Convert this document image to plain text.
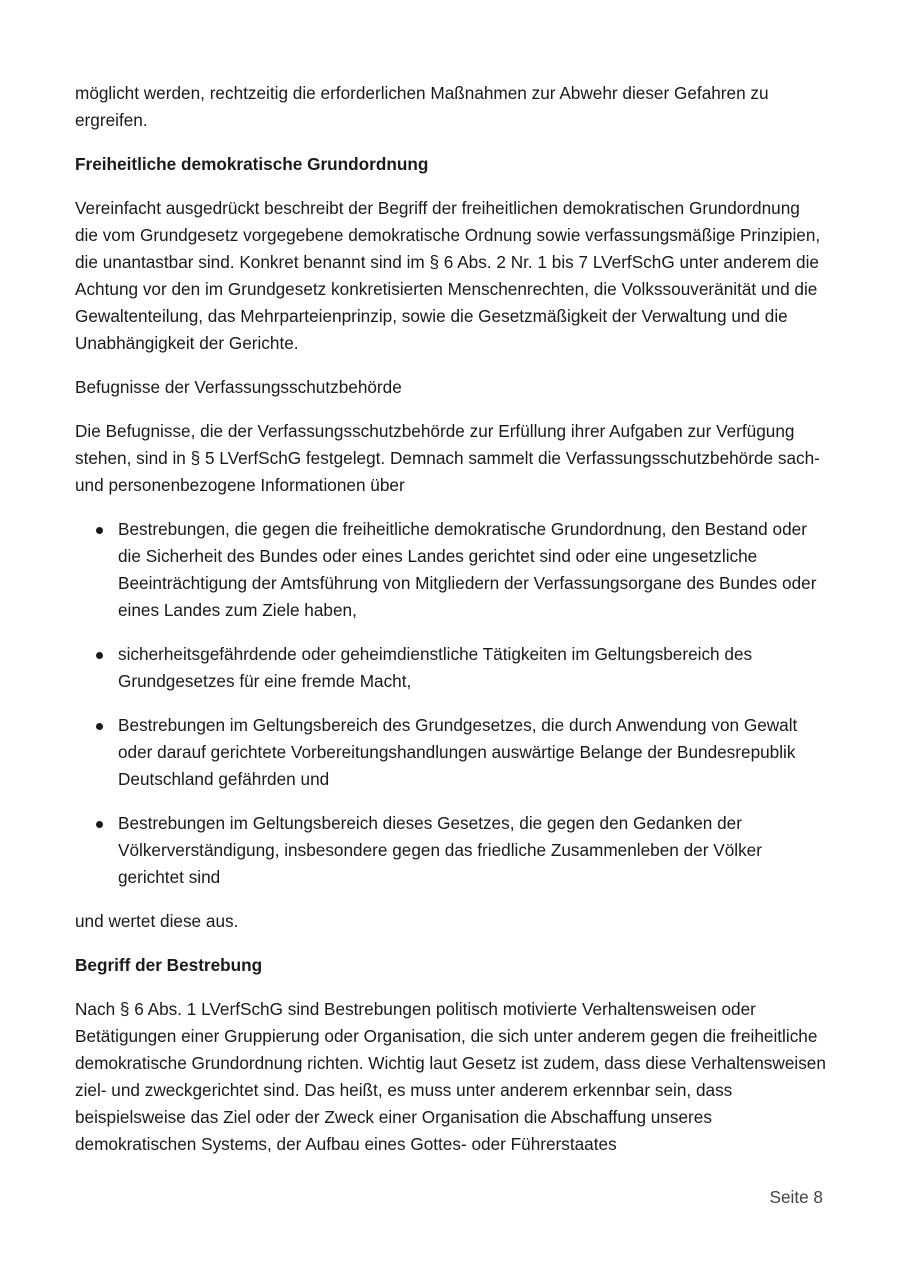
möglicht werden, rechtzeitig die erforderlichen Maßnahmen zur Abwehr dieser Gefahren zu ergreifen.

Freiheitliche demokratische Grundordnung

Vereinfacht ausgedrückt beschreibt der Begriff der freiheitlichen demokratischen Grundordnung die vom Grundgesetz vorgegebene demokratische Ordnung sowie verfassungsmäßige Prinzipien, die unantastbar sind. Konkret benannt sind im § 6 Abs. 2 Nr. 1 bis 7 LVerfSchG unter anderem die Achtung vor den im Grundgesetz konkretisierten Menschenrechten, die Volkssouveränität und die Gewaltenteilung, das Mehrparteienprinzip, sowie die Gesetzmäßigkeit der Verwaltung und die Unabhängigkeit der Gerichte.

Befugnisse der Verfassungsschutzbehörde

Die Befugnisse, die der Verfassungsschutzbehörde zur Erfüllung ihrer Aufgaben zur Verfügung stehen, sind in § 5 LVerfSchG festgelegt. Demnach sammelt die Verfassungsschutzbehörde sach- und personenbezogene Informationen über

Bestrebungen, die gegen die freiheitliche demokratische Grundordnung, den Bestand oder die Sicherheit des Bundes oder eines Landes gerichtet sind oder eine ungesetzliche Beeinträchtigung der Amtsführung von Mitgliedern der Verfassungsorgane des Bundes oder eines Landes zum Ziele haben,
sicherheitsgefährdende oder geheimdienstliche Tätigkeiten im Geltungsbereich des Grundgesetzes für eine fremde Macht,
Bestrebungen im Geltungsbereich des Grundgesetzes, die durch Anwendung von Gewalt oder darauf gerichtete Vorbereitungshandlungen auswärtige Belange der Bundesrepublik Deutschland gefährden und
Bestrebungen im Geltungsbereich dieses Gesetzes, die gegen den Gedanken der Völkerverständigung, insbesondere gegen das friedliche Zusammenleben der Völker gerichtet sind

und wertet diese aus.

Begriff der Bestrebung

Nach § 6 Abs. 1 LVerfSchG sind Bestrebungen politisch motivierte Verhaltensweisen oder Betätigungen einer Gruppierung oder Organisation, die sich unter anderem gegen die freiheitliche demokratische Grundordnung richten. Wichtig laut Gesetz ist zudem, dass diese Verhaltensweisen ziel- und zweckgerichtet sind. Das heißt, es muss unter anderem erkennbar sein, dass beispielsweise das Ziel oder der Zweck einer Organisation die Abschaffung unseres demokratischen Systems, der Aufbau eines Gottes- oder Führerstaates

Seite 8
